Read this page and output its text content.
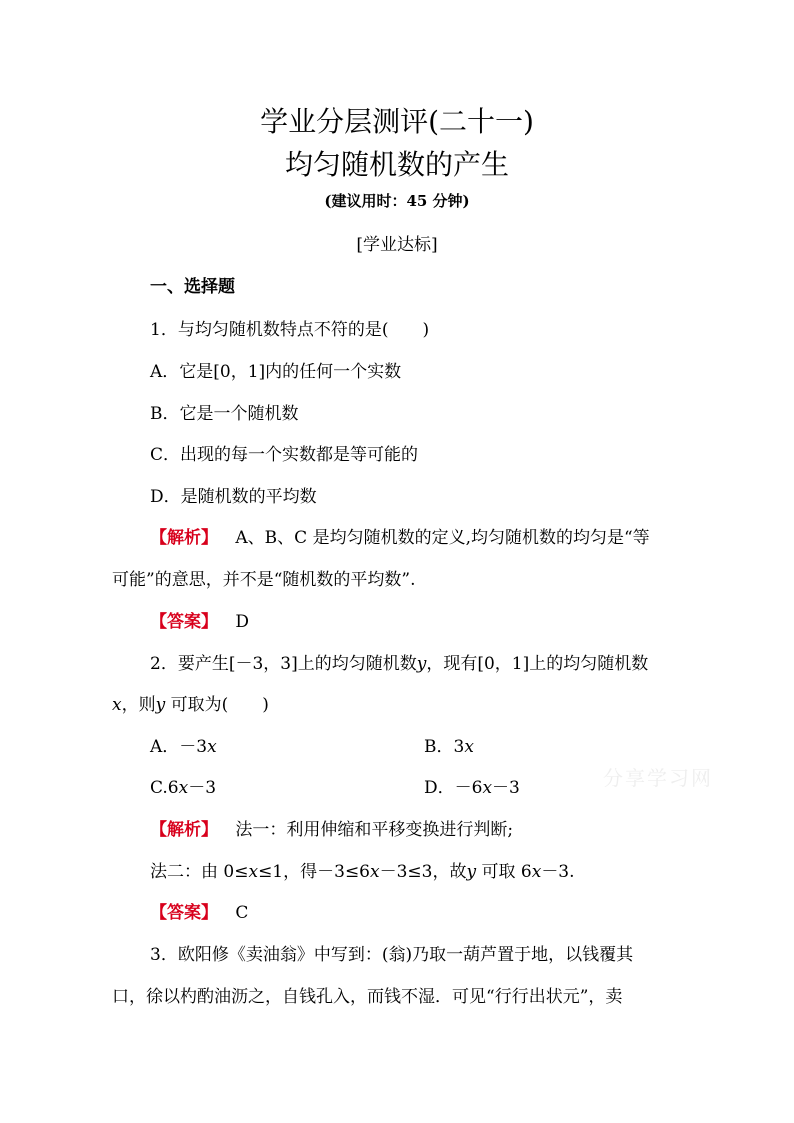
学业分层测评(二十一)
均匀随机数的产生
(建议用时：45 分钟)
[学业达标]
一、选择题
1．与均匀随机数特点不符的是(　　)
A．它是[0，1]内的任何一个实数
B．它是一个随机数
C．出现的每一个实数都是等可能的
D．是随机数的平均数
【解析】 A、B、C 是均匀随机数的定义,均匀随机数的均匀是“等
可能”的意思，并不是“随机数的平均数”.
【答案】 D
2．要产生[－3，3]上的均匀随机数y，现有[0，1]上的均匀随机数
x，则y 可取为(　　)
A．－3x	B．3x
C.6x－3	D．－6x－3
【解析】 法一：利用伸缩和平移变换进行判断;
法二：由 0≤x≤1，得－3≤6x－3≤3，故y 可取 6x－3.
【答案】 C
3．欧阳修《卖油翁》中写到：(翁)乃取一葫芦置于地，以钱覆其
口，徐以杓酌油沥之，自钱孔入，而钱不湿．可见“行行出状元”，卖
分享学习网
